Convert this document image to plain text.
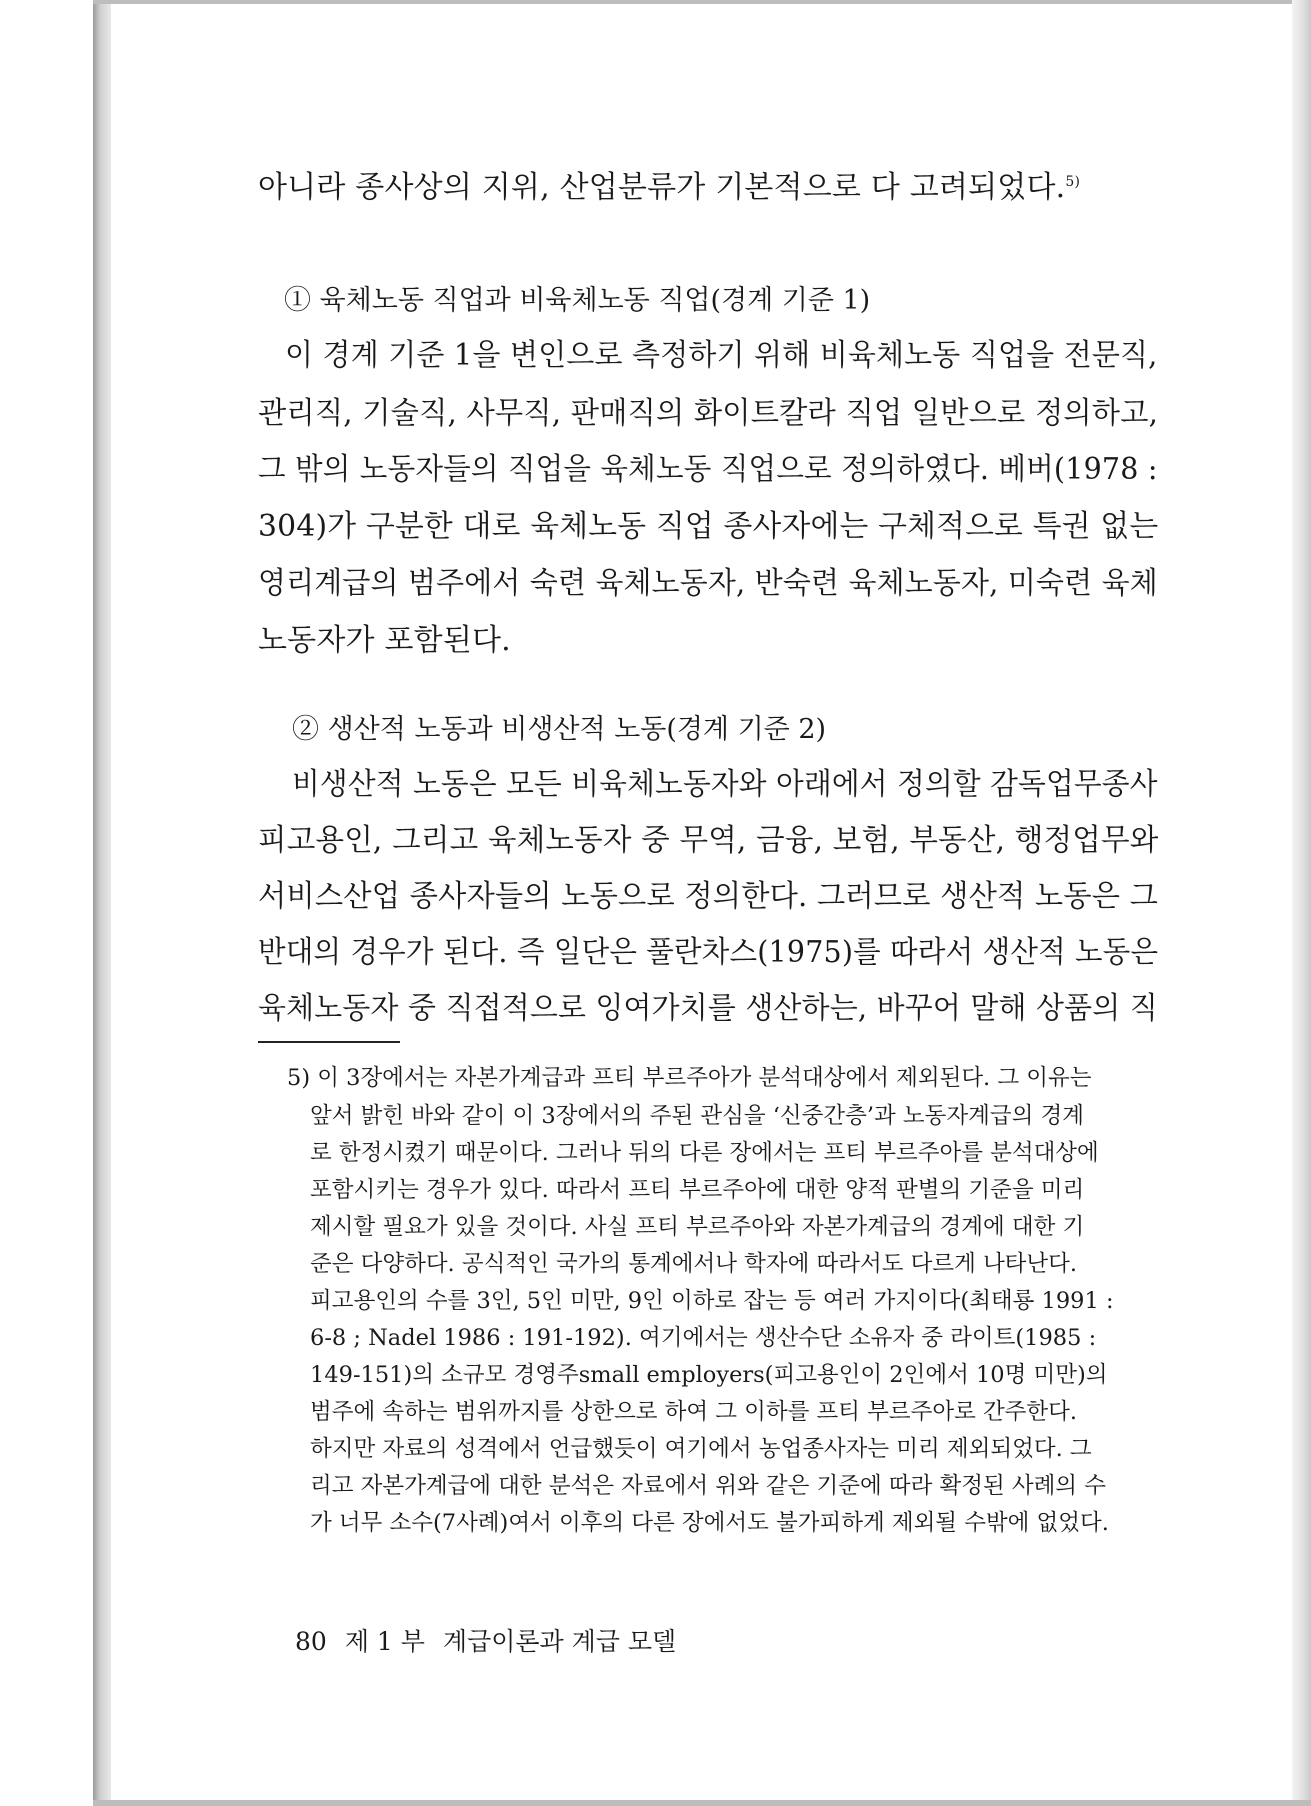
아니라 종사상의 지위, 산업분류가 기본적으로 다 고려되었다.$^{5)}$
① 육체노동 직업과 비육체노동 직업(경계 기준 1)
이 경계 기준 1을 변인으로 측정하기 위해 비육체노동 직업을 전문직,
관리직, 기술직, 사무직, 판매직의 화이트칼라 직업 일반으로 정의하고,
그 밖의 노동자들의 직업을 육체노동 직업으로 정의하였다. 베버(1978 :
304)가 구분한 대로 육체노동 직업 종사자에는 구체적으로 특권 없는
영리계급의 범주에서 숙련 육체노동자, 반숙련 육체노동자, 미숙련 육체
노동자가 포함된다.
② 생산적 노동과 비생산적 노동(경계 기준 2)
비생산적 노동은 모든 비육체노동자와 아래에서 정의할 감독업무종사
피고용인, 그리고 육체노동자 중 무역, 금융, 보험, 부동산, 행정업무와
서비스산업 종사자들의 노동으로 정의한다. 그러므로 생산적 노동은 그
반대의 경우가 된다. 즉 일단은 풀란차스(1975)를 따라서 생산적 노동은
육체노동자 중 직접적으로 잉여가치를 생산하는, 바꾸어 말해 상품의 직
5) 이 3장에서는 자본가계급과 프티 부르주아가 분석대상에서 제외된다. 그 이유는
앞서 밝힌 바와 같이 이 3장에서의 주된 관심을 ‘신중간층’과 노동자계급의 경계
로 한정시켰기 때문이다. 그러나 뒤의 다른 장에서는 프티 부르주아를 분석대상에
포함시키는 경우가 있다. 따라서 프티 부르주아에 대한 양적 판별의 기준을 미리
제시할 필요가 있을 것이다. 사실 프티 부르주아와 자본가계급의 경계에 대한 기
준은 다양하다. 공식적인 국가의 통계에서나 학자에 따라서도 다르게 나타난다.
피고용인의 수를 3인, 5인 미만, 9인 이하로 잡는 등 여러 가지이다(최태룡 1991 :
6-8 ; Nadel 1986 : 191-192). 여기에서는 생산수단 소유자 중 라이트(1985 :
149-151)의 소규모 경영주small employers(피고용인이 2인에서 10명 미만)의
범주에 속하는 범위까지를 상한으로 하여 그 이하를 프티 부르주아로 간주한다.
하지만 자료의 성격에서 언급했듯이 여기에서 농업종사자는 미리 제외되었다. 그
리고 자본가계급에 대한 분석은 자료에서 위와 같은 기준에 따라 확정된 사례의 수
가 너무 소수(7사례)여서 이후의 다른 장에서도 불가피하게 제외될 수밖에 없었다.
80 제 1 부 계급이론과 계급 모델
